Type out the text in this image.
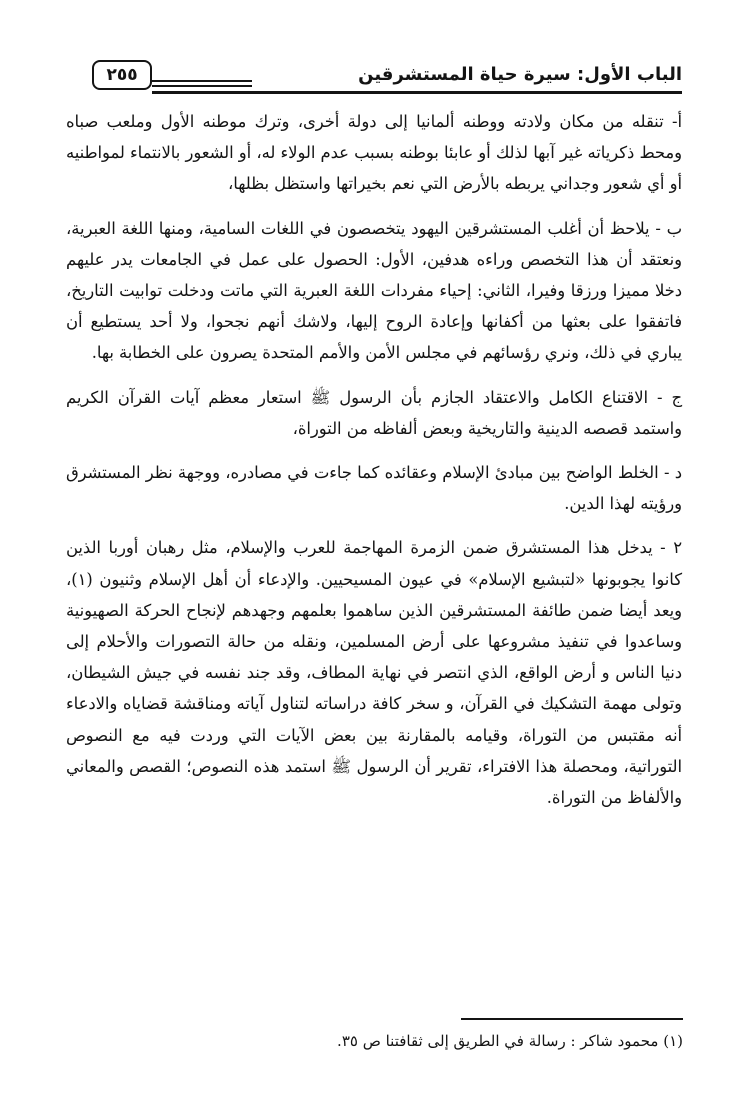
الباب الأول: سيرة حياة المستشرقين
٢٥٥

أ- تنقله من مكان ولادته ووطنه ألمانيا إلى دولة أخرى، وترك موطنه الأول وملعب صباه ومحط ذكرياته غير آبها لذلك أو عابئا بوطنه بسبب عدم الولاء له، أو الشعور بالانتماء لمواطنيه أو أي شعور وجداني يربطه بالأرض التي نعم بخيراتها واستظل بظلها،

ب - يلاحظ أن أغلب المستشرقين اليهود يتخصصون في اللغات السامية، ومنها اللغة العبرية، ونعتقد أن هذا التخصص وراءه هدفين، الأول: الحصول على عمل في الجامعات يدر عليهم دخلا مميزا ورزقا وفيرا، الثاني: إحياء مفردات اللغة العبرية التي ماتت ودخلت توابيت التاريخ، فاتفقوا على بعثها من أكفانها وإعادة الروح إليها، ولاشك أنهم نجحوا، ولا أحد يستطيع أن يباري في ذلك، ونري رؤسائهم في مجلس الأمن والأمم المتحدة يصرون على الخطابة بها.

ج - الاقتناع الكامل والاعتقاد الجازم بأن الرسول ﷺ استعار معظم آيات القرآن الكريم واستمد قصصه الدينية والتاريخية وبعض ألفاظه من التوراة،

د - الخلط الواضح بين مبادئ الإسلام وعقائده كما جاءت في مصادره، ووجهة نظر المستشرق ورؤيته لهذا الدين.

٢ - يدخل هذا المستشرق ضمن الزمرة المهاجمة للعرب والإسلام، مثل رهبان أوربا الذين كانوا يجوبونها «لتبشيع الإسلام» في عيون المسيحيين. والإدعاء أن أهل الإسلام وثنيون (١)، ويعد أيضا ضمن طائفة المستشرقين الذين ساهموا بعلمهم وجهدهم لإنجاح الحركة الصهيونية وساعدوا في تنفيذ مشروعها على أرض المسلمين، ونقله من حالة التصورات والأحلام إلى دنيا الناس و أرض الواقع، الذي انتصر في نهاية المطاف، وقد جند نفسه في جيش الشيطان، وتولى مهمة التشكيك في القرآن، و سخر كافة دراساته لتناول آياته ومناقشة قضاياه والادعاء أنه مقتبس من التوراة، وقيامه بالمقارنة بين بعض الآيات التي وردت فيه مع النصوص التوراتية، ومحصلة هذا الافتراء، تقرير أن الرسول ﷺ استمد هذه النصوص؛ القصص والمعاني والألفاظ من التوراة.

(١) محمود شاكر : رسالة في الطريق إلى ثقافتنا ص ٣٥.
